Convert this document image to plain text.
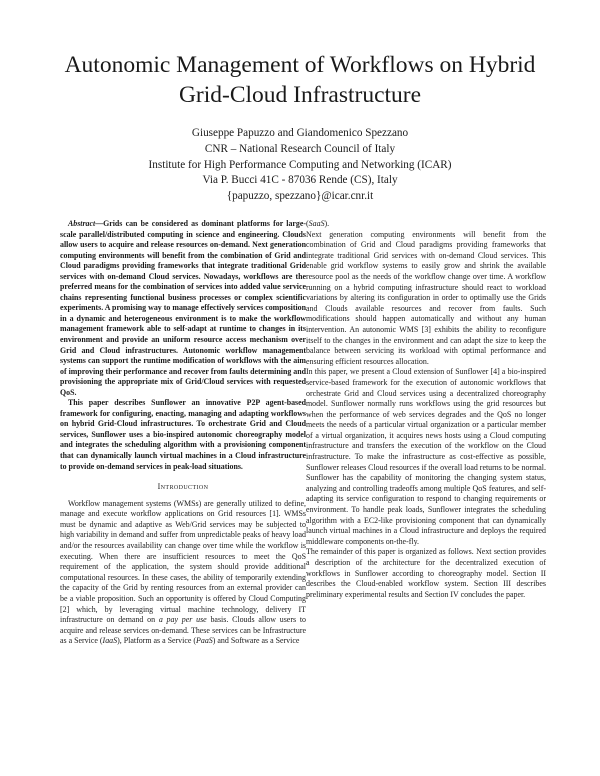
Autonomic Management of Workflows on Hybrid
Grid-Cloud Infrastructure
Giuseppe Papuzzo and Giandomenico Spezzano
CNR – National Research Council of Italy
Institute for High Performance Computing and Networking (ICAR)
Via P. Bucci 41C - 87036 Rende (CS), Italy
{papuzzo, spezzano}@icar.cnr.it

Abstract—Grids can be considered as dominant platforms for large-scale parallel/distributed computing in science and engineering. Clouds allow users to acquire and release resources on-demand. Next generation computing environments will benefit from the combination of Grid and Cloud paradigms providing frameworks that integrate traditional Grid services with on-demand Cloud services. Nowadays, workflows are the preferred means for the combination of services into added value service chains representing functional business processes or complex scientific experiments. A promising way to manage effectively services composition in a dynamic and heterogeneous environment is to make the workflow management framework able to self-adapt at runtime to changes in its environment and provide an uniform resource access mechanism over Grid and Cloud infrastructures. Autonomic workflow management systems can support the runtime modification of workflows with the aim of improving their performance and recover from faults determining and provisioning the appropriate mix of Grid/Cloud services with requested QoS.

This paper describes Sunflower an innovative P2P agent-based framework for configuring, enacting, managing and adapting workflows on hybrid Grid-Cloud infrastructures. To orchestrate Grid and Cloud services, Sunflower uses a bio-inspired autonomic choreography model and integrates the scheduling algorithm with a provisioning component that can dynamically launch virtual machines in a Cloud infrastructure to provide on-demand services in peak-load situations.

Introduction

Workflow management systems (WMSs) are generally utilized to define, manage and execute workflow applications on Grid resources [1]. WMSs must be dynamic and adaptive as Web/Grid services may be subjected to high variability in demand and suffer from unpredictable peaks of heavy load and/or the resources availability can change over time while the workflow is executing. When there are insufficient resources to meet the QoS requirement of the application, the system should provide additional computational resources. In these cases, the ability of temporarily extending the capacity of the Grid by renting resources from an external provider can be a viable proposition. Such an opportunity is offered by Cloud Computing [2] which, by leveraging virtual machine technology, delivery IT infrastructure on demand on a pay per use basis. Clouds allow users to acquire and release services on-demand. These services can be Infrastructure as a Service (IaaS), Platform as a Service (PaaS) and Software as a Service

(SaaS).

Next generation computing environments will benefit from the combination of Grid and Cloud paradigms providing frameworks that integrate traditional Grid services with on-demand Cloud services. This enable grid workflow systems to easily grow and shrink the available resource pool as the needs of the workflow change over time. A workflow running on a hybrid computing infrastructure should react to workload variations by altering its configuration in order to optimally use the Grids and Clouds available resources and recover from faults. Such modifications should happen automatically and without any human intervention. An autonomic WMS [3] exhibits the ability to reconfigure itself to the changes in the environment and can adapt the size to keep the balance between servicing its workload with optimal performance and ensuring efficient resources allocation.

In this paper, we present a Cloud extension of Sunflower [4] a bio-inspired service-based framework for the execution of autonomic workflows that orchestrate Grid and Cloud services using a decentralized choreography model. Sunflower normally runs workflows using the grid resources but when the performance of web services degrades and the QoS no longer meets the needs of a particular virtual organization or a particular member of a virtual organization, it acquires news hosts using a Cloud computing infrastructure and transfers the execution of the workflow on the Cloud infrastructure. To make the infrastructure as cost-effective as possible, Sunflower releases Cloud resources if the overall load returns to be normal. Sunflower has the capability of monitoring the changing system status, analyzing and controlling tradeoffs among multiple QoS features, and self-adapting its service configuration to respond to changing requirements or environment. To handle peak loads, Sunflower integrates the scheduling algorithm with a EC2-like provisioning component that can dynamically launch virtual machines in a Cloud infrastructure and deploys the required middleware components on-the-fly.

The remainder of this paper is organized as follows. Next section provides a description of the architecture for the decentralized execution of workflows in Sunflower according to choreography model. Section II describes the Cloud-enabled workflow system. Section III describes preliminary experimental results and Section IV concludes the paper.
